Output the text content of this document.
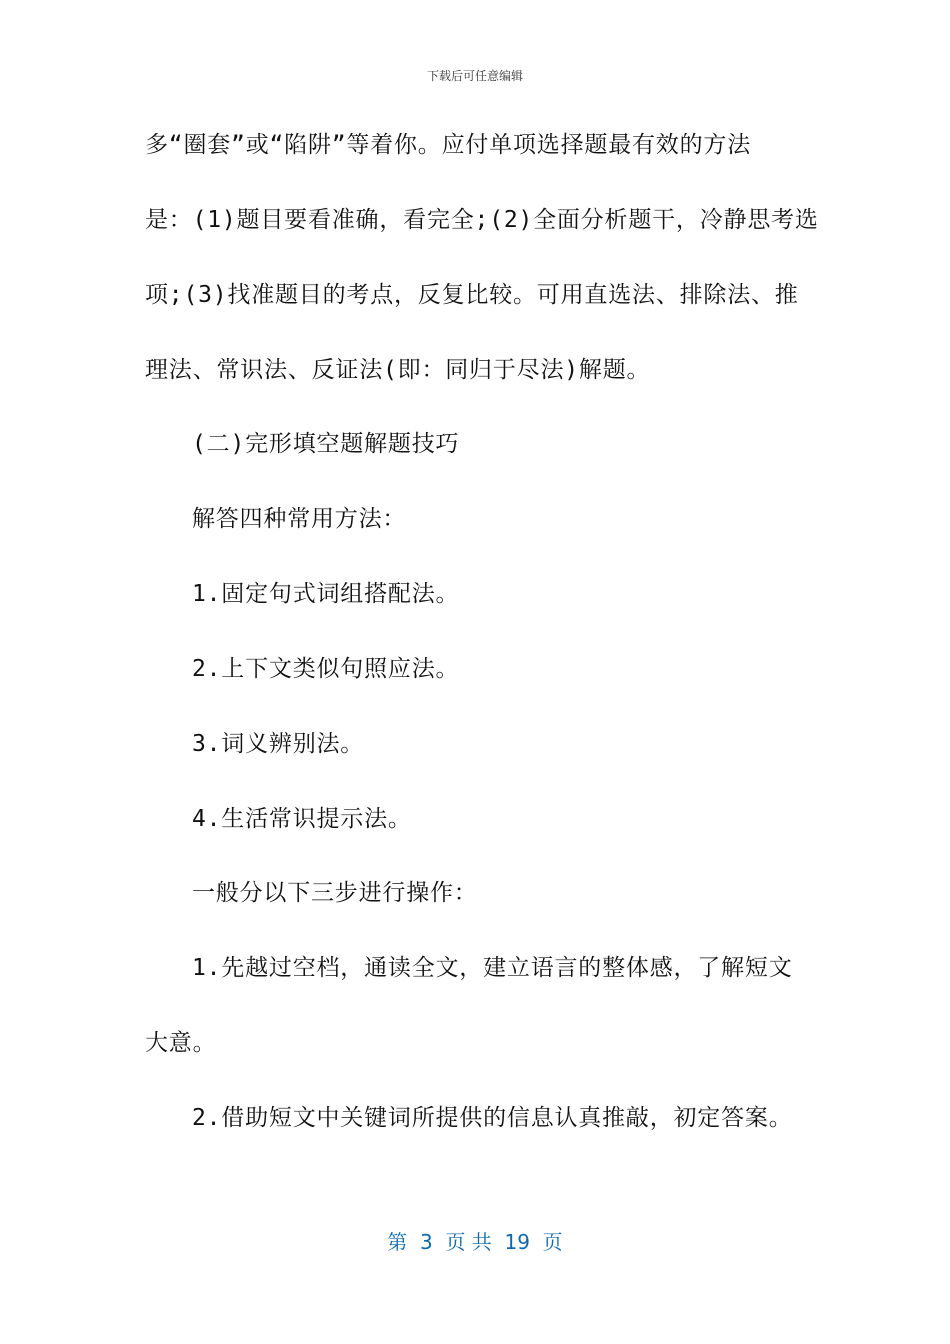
下载后可任意编辑
多“圈套”或“陷阱”等着你。应付单项选择题最有效的方法
是：(1)题目要看准确，看完全;(2)全面分析题干，冷静思考选
项;(3)找准题目的考点，反复比较。可用直选法、排除法、推
理法、常识法、反证法(即：同归于尽法)解题。
(二)完形填空题解题技巧
解答四种常用方法：
1.固定句式词组搭配法。
2.上下文类似句照应法。
3.词义辨别法。
4.生活常识提示法。
一般分以下三步进行操作：
1.先越过空档，通读全文，建立语言的整体感，了解短文
大意。
2.借助短文中关键词所提供的信息认真推敲，初定答案。
第  3  页 共  19  页
